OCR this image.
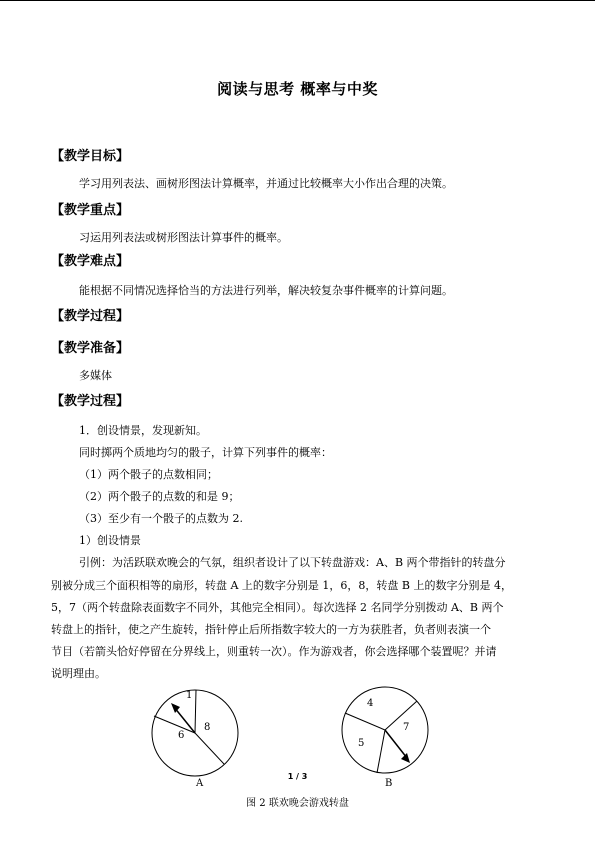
阅读与思考 概率与中奖
【教学目标】
学习用列表法、画树形图法计算概率，并通过比较概率大小作出合理的决策。
【教学重点】
习运用列表法或树形图法计算事件的概率。
【教学难点】
能根据不同情况选择恰当的方法进行列举，解决较复杂事件概率的计算问题。
【教学过程】
【教学准备】
多媒体
【教学过程】
1．创设情景，发现新知。
同时掷两个质地均匀的骰子，计算下列事件的概率：
（1）两个骰子的点数相同；
（2）两个骰子的点数的和是 9；
（3）至少有一个骰子的点数为 2.
1）创设情景
引例：为活跃联欢晚会的气氛，组织者设计了以下转盘游戏：A、B 两个带指针的转盘分
别被分成三个面积相等的扇形，转盘 A 上的数字分别是 1，6，8，转盘 B 上的数字分别是 4，
5，7（两个转盘除表面数字不同外，其他完全相同）。每次选择 2 名同学分别拨动 A、B 两个
转盘上的指针，使之产生旋转，指针停止后所指数字较大的一方为获胜者，负者则表演一个
节目（若箭头恰好停留在分界线上，则重转一次）。作为游戏者，你会选择哪个装置呢？并请
说明理由。
1
8
6
4
7
5
A	B
1 / 3
图 2 联欢晚会游戏转盘
